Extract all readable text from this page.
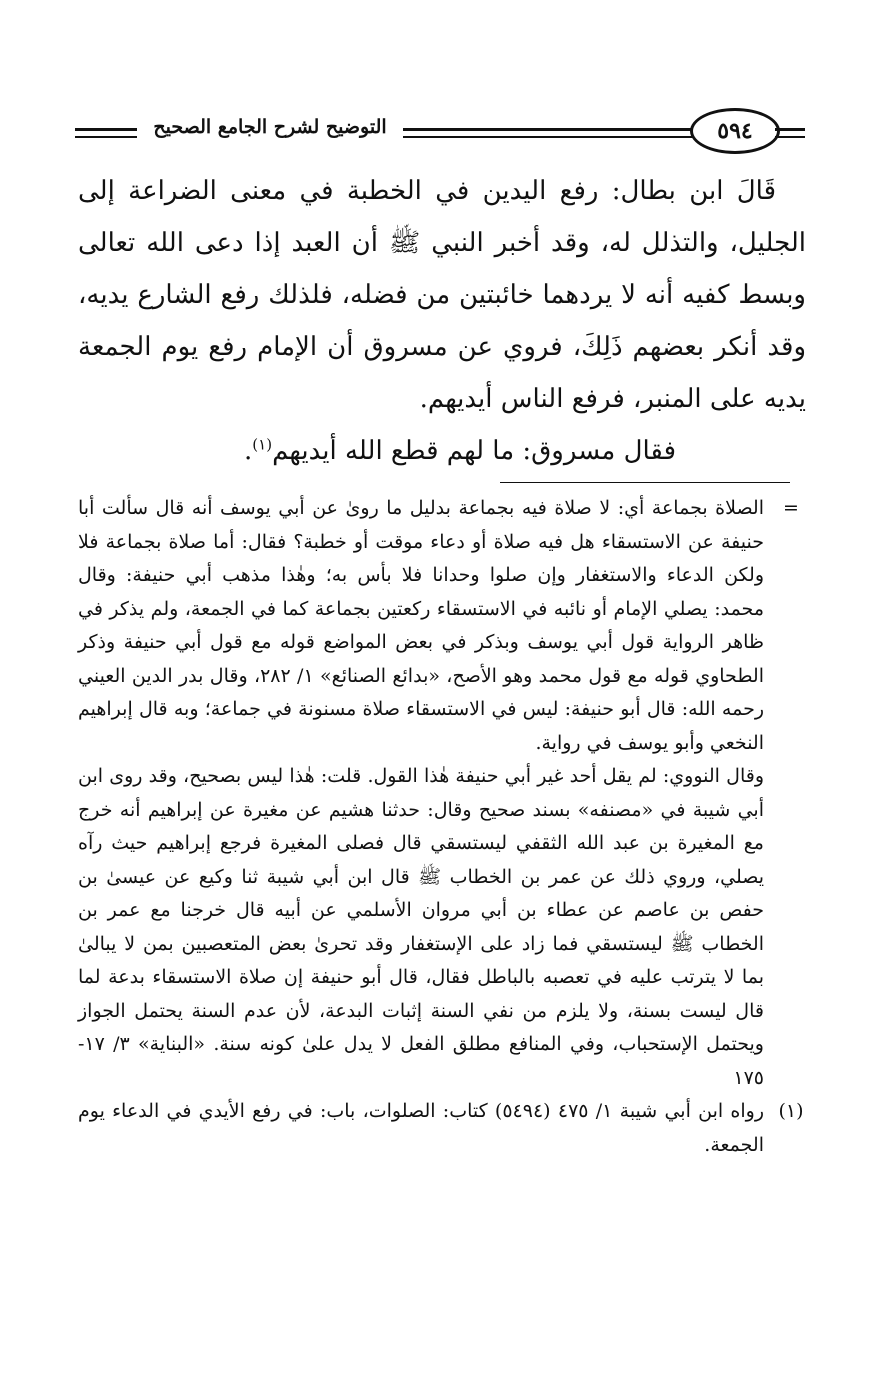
التوضيح لشرح الجامع الصحيح	٥٩٤

قَالَ ابن بطال: رفع اليدين في الخطبة في معنى الضراعة إلى الجليل، والتذلل له، وقد أخبر النبي ﷺ أن العبد إذا دعى الله تعالى وبسط كفيه أنه لا يردهما خائبتين من فضله، فلذلك رفع الشارع يديه، وقد أنكر بعضهم ذَلِكَ، فروي عن مسروق أن الإمام رفع يوم الجمعة يديه على المنبر، فرفع الناس أيديهم.

فقال مسروق: ما لهم قطع الله أيديهم$^{(١)}$.

=

الصلاة بجماعة أي: لا صلاة فيه بجماعة بدليل ما رویٰ عن أبي يوسف أنه قال سألت أبا حنيفة عن الاستسقاء هل فيه صلاة أو دعاء موقت أو خطبة؟ فقال: أما صلاة بجماعة فلا ولكن الدعاء والاستغفار وإن صلوا وحدانا فلا بأس به؛ وهٰذا مذهب أبي حنيفة: وقال محمد: يصلي الإمام أو نائبه في الاستسقاء ركعتين بجماعة كما في الجمعة، ولم يذكر في ظاهر الرواية قول أبي يوسف وبذكر في بعض المواضع قوله مع قول أبي حنيفة وذكر الطحاوي قوله مع قول محمد وهو الأصح، «بدائع الصنائع» ١/ ٢٨٢، وقال بدر الدين العيني رحمه الله: قال أبو حنيفة: ليس في الاستسقاء صلاة مسنونة في جماعة؛ وبه قال إبراهيم النخعي وأبو يوسف في رواية.

وقال النووي: لم يقل أحد غير أبي حنيفة هٰذا القول. قلت: هٰذا ليس بصحيح، وقد روى ابن أبي شيبة في «مصنفه» بسند صحيح وقال: حدثنا هشيم عن مغيرة عن إبراهيم أنه خرج مع المغيرة بن عبد الله الثقفي ليستسقي قال فصلى المغيرة فرجع إبراهيم حيث رآه يصلي، وروي ذلك عن عمر بن الخطاب ﷺ قال ابن أبي شيبة ثنا وكيع عن عيسىٰ بن حفص بن عاصم عن عطاء بن أبي مروان الأسلمي عن أبيه قال خرجنا مع عمر بن الخطاب ﷺ ليستسقي فما زاد على الإستغفار وقد تحرىٰ بعض المتعصبين بمن لا يبالىٰ بما لا يترتب عليه في تعصبه بالباطل فقال، قال أبو حنيفة إن صلاة الاستسقاء بدعة لما قال ليست بسنة، ولا يلزم من نفي السنة إثبات البدعة، لأن عدم السنة يحتمل الجواز ويحتمل الإستحباب، وفي المنافع مطلق الفعل لا يدل علىٰ كونه سنة. «البناية» ٣/ ١٧- ١٧٥

(١)

رواه ابن أبي شيبة ١/ ٤٧٥ (٥٤٩٤) كتاب: الصلوات، باب: في رفع الأيدي في الدعاء يوم الجمعة.
